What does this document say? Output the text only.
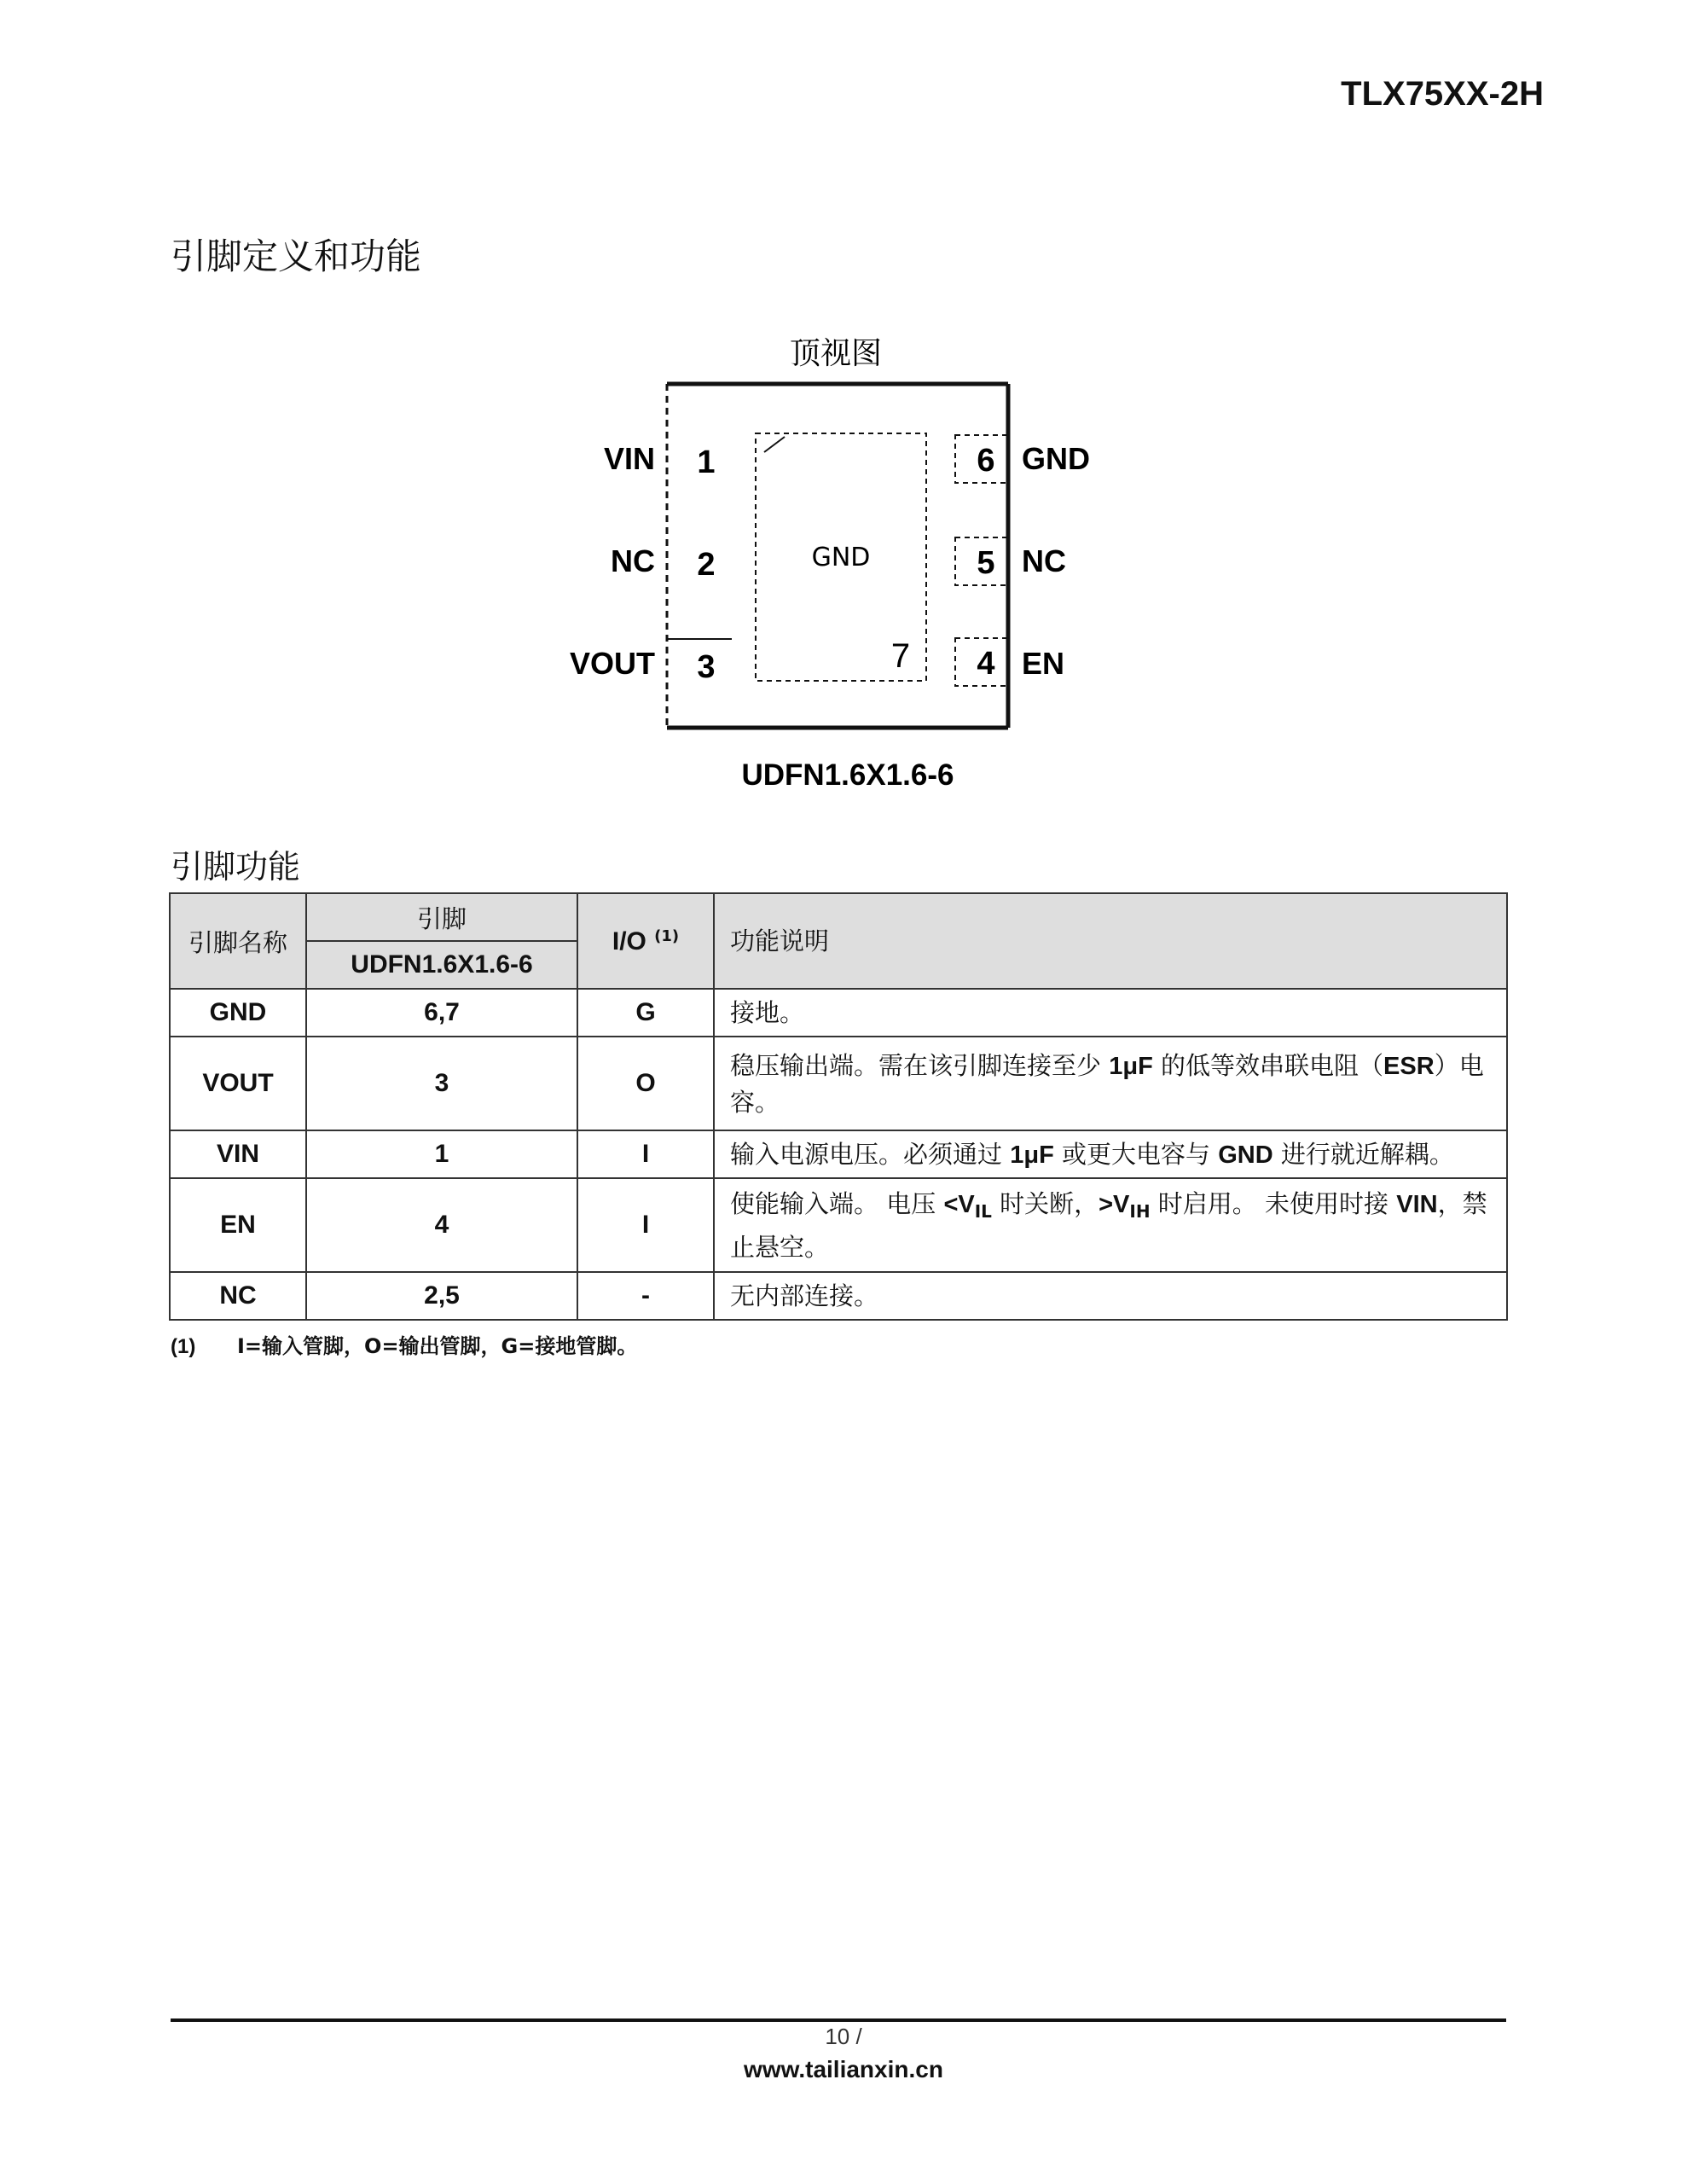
TLX75XX-2H
引脚定义和功能
顶视图
GND
7
1
2
3
VIN
NC
VOUT
6
5
4
GND
NC
EN
UDFN1.6X1.6-6
引脚功能
引脚名称	引脚	I/O $^{(1)}$	功能说明
	UDFN1.6X1.6-6		
GND	6,7	G	接地。
VOUT	3	O	稳压输出端。需在该引脚连接至少 1μF 的低等效串联电阻（ESR）电容。
VIN	1	I	输入电源电压。必须通过 1μF 或更大电容与 GND 进行就近解耦。
EN	4	I	使能输入端。 电压 $<V_{IL}$ 时关断，$>V_{IH}$ 时启用。 未使用时接 VIN，禁止悬空。
NC	2,5	-	无内部连接。
(1) I=输入管脚，O=输出管脚，G=接地管脚。
10 /
www.tailianxin.cn
